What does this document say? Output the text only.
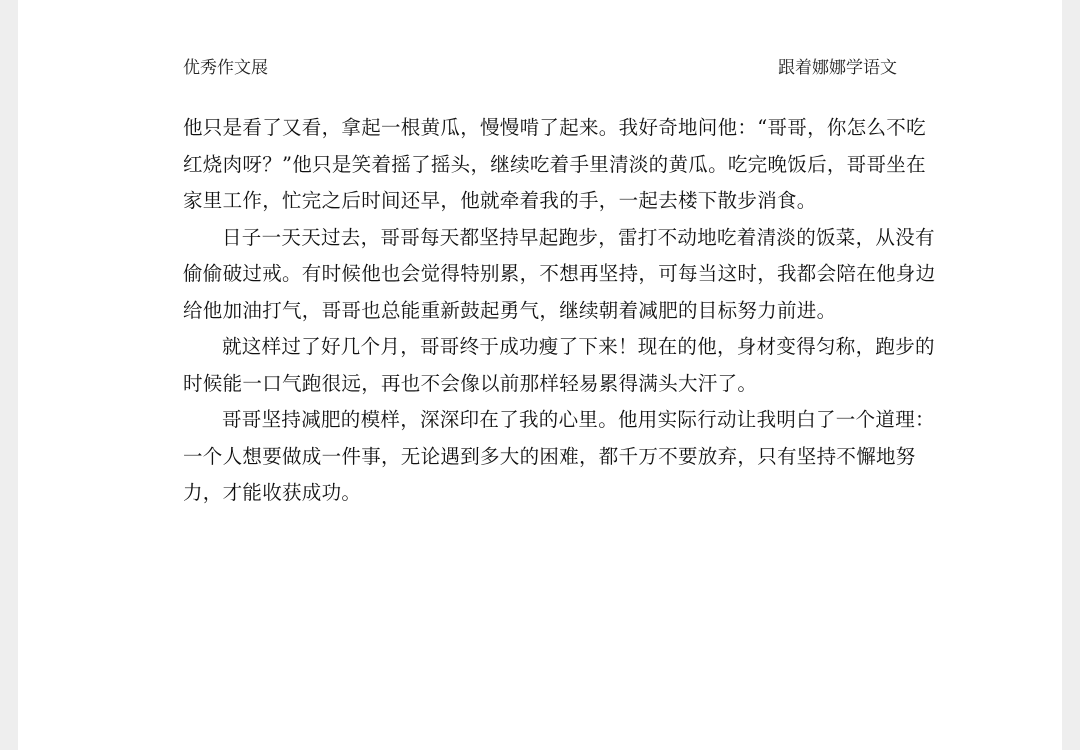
优秀作文展	跟着娜娜学语文

他只是看了又看，拿起一根黄瓜，慢慢啃了起来。我好奇地问他：“哥哥，你怎么不吃红烧肉呀？”他只是笑着摇了摇头，继续吃着手里清淡的黄瓜。吃完晚饭后，哥哥坐在家里工作，忙完之后时间还早，他就牵着我的手，一起去楼下散步消食。

日子一天天过去，哥哥每天都坚持早起跑步，雷打不动地吃着清淡的饭菜，从没有偷偷破过戒。有时候他也会觉得特别累，不想再坚持，可每当这时，我都会陪在他身边给他加油打气，哥哥也总能重新鼓起勇气，继续朝着减肥的目标努力前进。

就这样过了好几个月，哥哥终于成功瘦了下来！现在的他，身材变得匀称，跑步的时候能一口气跑很远，再也不会像以前那样轻易累得满头大汗了。

哥哥坚持减肥的模样，深深印在了我的心里。他用实际行动让我明白了一个道理：一个人想要做成一件事，无论遇到多大的困难，都千万不要放弃，只有坚持不懈地努力，才能收获成功。
